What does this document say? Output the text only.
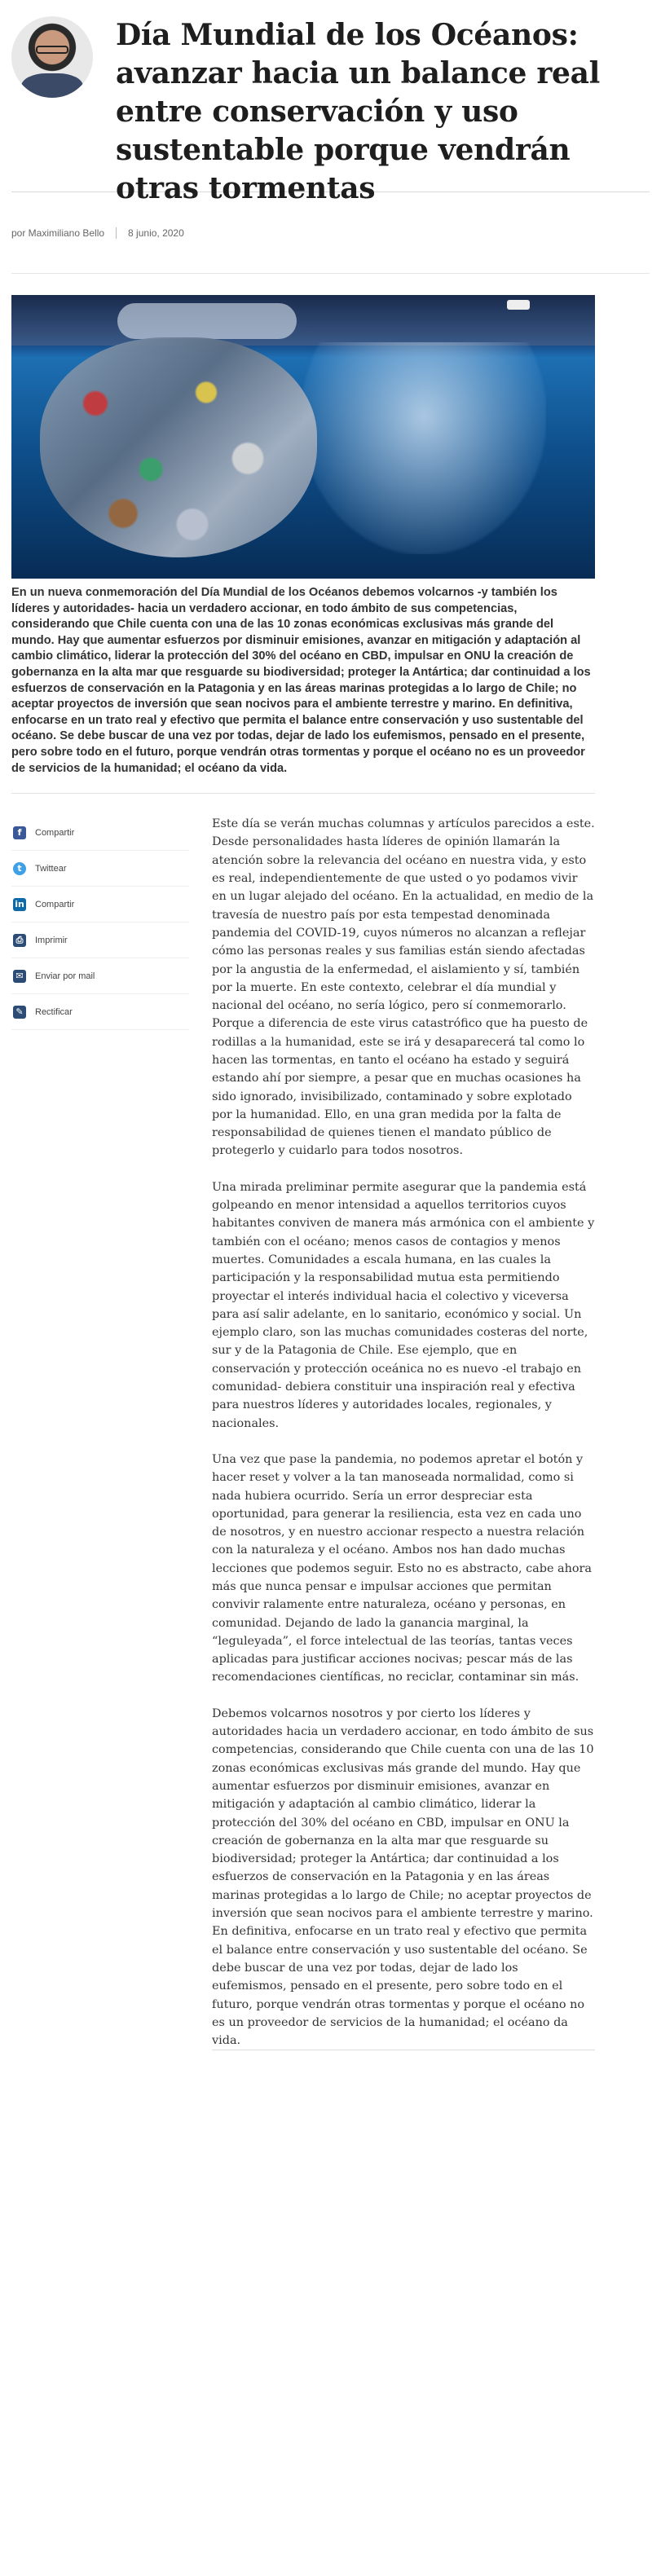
Día Mundial de los Océanos: avanzar hacia un balance real entre conservación y uso sustentable porque vendrán otras tormentas
por Maximiliano Bello 8 junio, 2020

En un nueva conmemoración del Día Mundial de los Océanos debemos volcarnos -y también los líderes y autoridades- hacia un verdadero accionar, en todo ámbito de sus competencias, considerando que Chile cuenta con una de las 10 zonas económicas exclusivas más grande del mundo. Hay que aumentar esfuerzos por disminuir emisiones, avanzar en mitigación y adaptación al cambio climático, liderar la protección del 30% del océano en CBD, impulsar en ONU la creación de gobernanza en la alta mar que resguarde su biodiversidad; proteger la Antártica; dar continuidad a los esfuerzos de conservación en la Patagonia y en las áreas marinas protegidas a lo largo de Chile; no aceptar proyectos de inversión que sean nocivos para el ambiente terrestre y marino. En definitiva, enfocarse en un trato real y efectivo que permita el balance entre conservación y uso sustentable del océano. Se debe buscar de una vez por todas, dejar de lado los eufemismos, pensado en el presente, pero sobre todo en el futuro, porque vendrán otras tormentas y porque el océano no es un proveedor de servicios de la humanidad; el océano da vida.

f	Compartir
t	Twittear
in Compartir
⎙	Imprimir
✉	Enviar por mail
✎	Rectificar

Este día se verán muchas columnas y artículos parecidos a este. Desde personalidades hasta líderes de opinión llamarán la atención sobre la relevancia del océano en nuestra vida, y esto es real, independientemente de que usted o yo podamos vivir en un lugar alejado del océano. En la actualidad, en medio de la travesía de nuestro país por esta tempestad denominada pandemia del COVID-19, cuyos números no alcanzan a reflejar cómo las personas reales y sus familias están siendo afectadas por la angustia de la enfermedad, el aislamiento y sí, también por la muerte. En este contexto, celebrar el día mundial y nacional del océano, no sería lógico, pero sí conmemorarlo. Porque a diferencia de este virus catastrófico que ha puesto de rodillas a la humanidad, este se irá y desaparecerá tal como lo hacen las tormentas, en tanto el océano ha estado y seguirá estando ahí por siempre, a pesar que en muchas ocasiones ha sido ignorado, invisibilizado, contaminado y sobre explotado por la humanidad. Ello, en una gran medida por la falta de responsabilidad de quienes tienen el mandato público de protegerlo y cuidarlo para todos nosotros.

Una mirada preliminar permite asegurar que la pandemia está golpeando en menor intensidad a aquellos territorios cuyos habitantes conviven de manera más armónica con el ambiente y también con el océano; menos casos de contagios y menos muertes. Comunidades a escala humana, en las cuales la participación y la responsabilidad mutua esta permitiendo proyectar el interés individual hacia el colectivo y viceversa para así salir adelante, en lo sanitario, económico y social. Un ejemplo claro, son las muchas comunidades costeras del norte, sur y de la Patagonia de Chile. Ese ejemplo, que en conservación y protección oceánica no es nuevo -el trabajo en comunidad- debiera constituir una inspiración real y efectiva para nuestros líderes y autoridades locales, regionales, y nacionales.

Una vez que pase la pandemia, no podemos apretar el botón y hacer reset y volver a la tan manoseada normalidad, como si nada hubiera ocurrido. Sería un error despreciar esta oportunidad, para generar la resiliencia, esta vez en cada uno de nosotros, y en nuestro accionar respecto a nuestra relación con la naturaleza y el océano. Ambos nos han dado muchas lecciones que podemos seguir. Esto no es abstracto, cabe ahora más que nunca pensar e impulsar acciones que permitan convivir ralamente entre naturaleza, océano y personas, en comunidad. Dejando de lado la ganancia marginal, la “leguleyada”, el force intelectual de las teorías, tantas veces aplicadas para justificar acciones nocivas; pescar más de las recomendaciones científicas, no reciclar, contaminar sin más.

Debemos volcarnos nosotros y por cierto los líderes y autoridades hacia un verdadero accionar, en todo ámbito de sus competencias, considerando que Chile cuenta con una de las 10 zonas económicas exclusivas más grande del mundo. Hay que aumentar esfuerzos por disminuir emisiones, avanzar en mitigación y adaptación al cambio climático, liderar la protección del 30% del océano en CBD, impulsar en ONU la creación de gobernanza en la alta mar que resguarde su biodiversidad; proteger la Antártica; dar continuidad a los esfuerzos de conservación en la Patagonia y en las áreas marinas protegidas a lo largo de Chile; no aceptar proyectos de inversión que sean nocivos para el ambiente terrestre y marino. En definitiva, enfocarse en un trato real y efectivo que permita el balance entre conservación y uso sustentable del océano. Se debe buscar de una vez por todas, dejar de lado los eufemismos, pensado en el presente, pero sobre todo en el futuro, porque vendrán otras tormentas y porque el océano no es un proveedor de servicios de la humanidad; el océano da vida.
